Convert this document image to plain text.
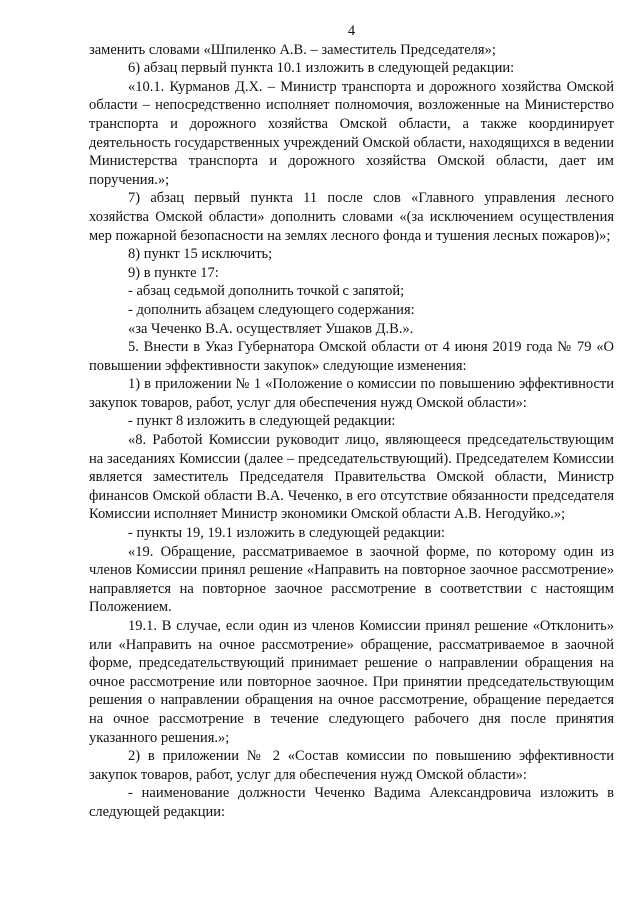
4

заменить словами «Шпиленко А.В. – заместитель Председателя»;

6) абзац первый пункта 10.1 изложить в следующей редакции:

«10.1. Курманов Д.Х. – Министр транспорта и дорожного хозяйства Омской области – непосредственно исполняет полномочия, возложенные на Министерство транспорта и дорожного хозяйства Омской области, а также координирует деятельность государственных учреждений Омской области, находящихся в ведении Министерства транспорта и дорожного хозяйства Омской области, дает им поручения.»;

7) абзац первый пункта 11 после слов «Главного управления лесного хозяйства Омской области» дополнить словами «(за исключением осуществления мер пожарной безопасности на землях лесного фонда и тушения лесных пожаров)»;

8) пункт 15 исключить;

9) в пункте 17:

- абзац седьмой дополнить точкой с запятой;

- дополнить абзацем следующего содержания:

«за Чеченко В.А. осуществляет Ушаков Д.В.».

5. Внести в Указ Губернатора Омской области от 4 июня 2019 года № 79 «О повышении эффективности закупок» следующие изменения:

1) в приложении № 1 «Положение о комиссии по повышению эффективности закупок товаров, работ, услуг для обеспечения нужд Омской области»:

- пункт 8 изложить в следующей редакции:

«8. Работой Комиссии руководит лицо, являющееся председательствующим на заседаниях Комиссии (далее – председательствующий). Председателем Комиссии является заместитель Председателя Правительства Омской области, Министр финансов Омской области В.А. Чеченко, в его отсутствие обязанности председателя Комиссии исполняет Министр экономики Омской области А.В. Негодуйко.»;

- пункты 19, 19.1 изложить в следующей редакции:

«19. Обращение, рассматриваемое в заочной форме, по которому один из членов Комиссии принял решение «Направить на повторное заочное рассмотрение» направляется на повторное заочное рассмотрение в соответствии с настоящим Положением.

19.1. В случае, если один из членов Комиссии принял решение «Отклонить» или «Направить на очное рассмотрение» обращение, рассматриваемое в заочной форме, председательствующий принимает решение о направлении обращения на очное рассмотрение или повторное заочное. При принятии председательствующим решения о направлении обращения на очное рассмотрение, обращение передается на очное рассмотрение в течение следующего рабочего дня после принятия указанного решения.»;

2) в приложении № 2 «Состав комиссии по повышению эффективности закупок товаров, работ, услуг для обеспечения нужд Омской области»:

- наименование должности Чеченко Вадима Александровича изложить в следующей редакции:
